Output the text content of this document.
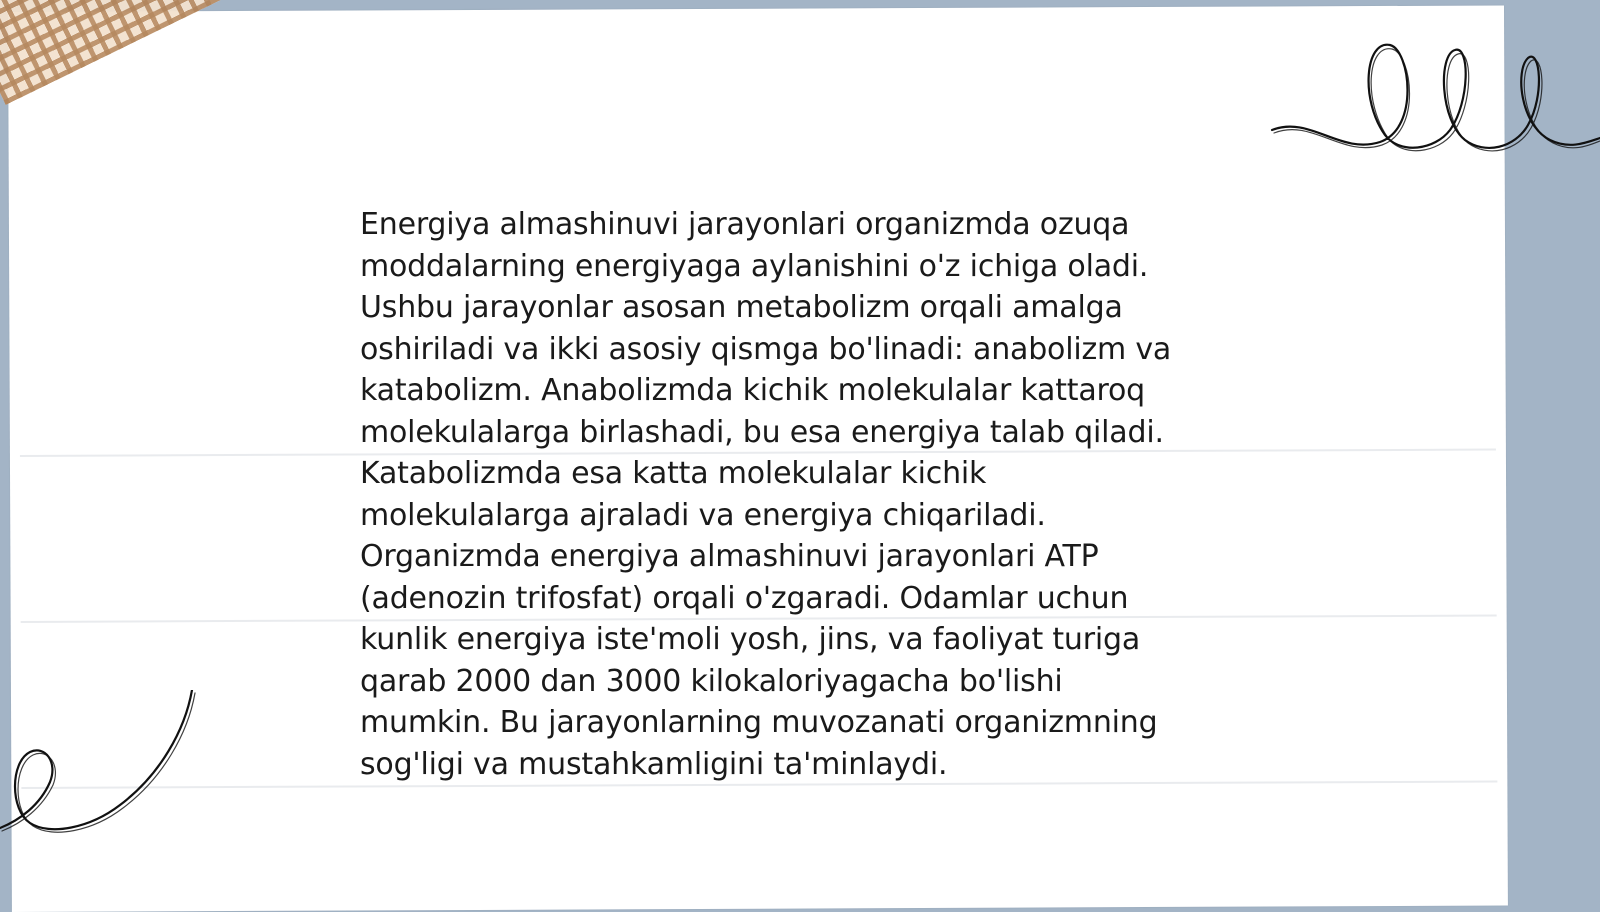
Energiya almashinuvi jarayonlari organizmda ozuqa
moddalarning energiyaga aylanishini o'z ichiga oladi.
Ushbu jarayonlar asosan metabolizm orqali amalga
oshiriladi va ikki asosiy qismga bo'linadi: anabolizm va
katabolizm. Anabolizmda kichik molekulalar kattaroq
molekulalarga birlashadi, bu esa energiya talab qiladi.
Katabolizmda esa katta molekulalar kichik
molekulalarga ajraladi va energiya chiqariladi.
Organizmda energiya almashinuvi jarayonlari ATP
(adenozin trifosfat) orqali o'zgaradi. Odamlar uchun
kunlik energiya iste'moli yosh, jins, va faoliyat turiga
qarab 2000 dan 3000 kilokaloriyagacha bo'lishi
mumkin. Bu jarayonlarning muvozanati organizmning
sog'ligi va mustahkamligini ta'minlaydi.
